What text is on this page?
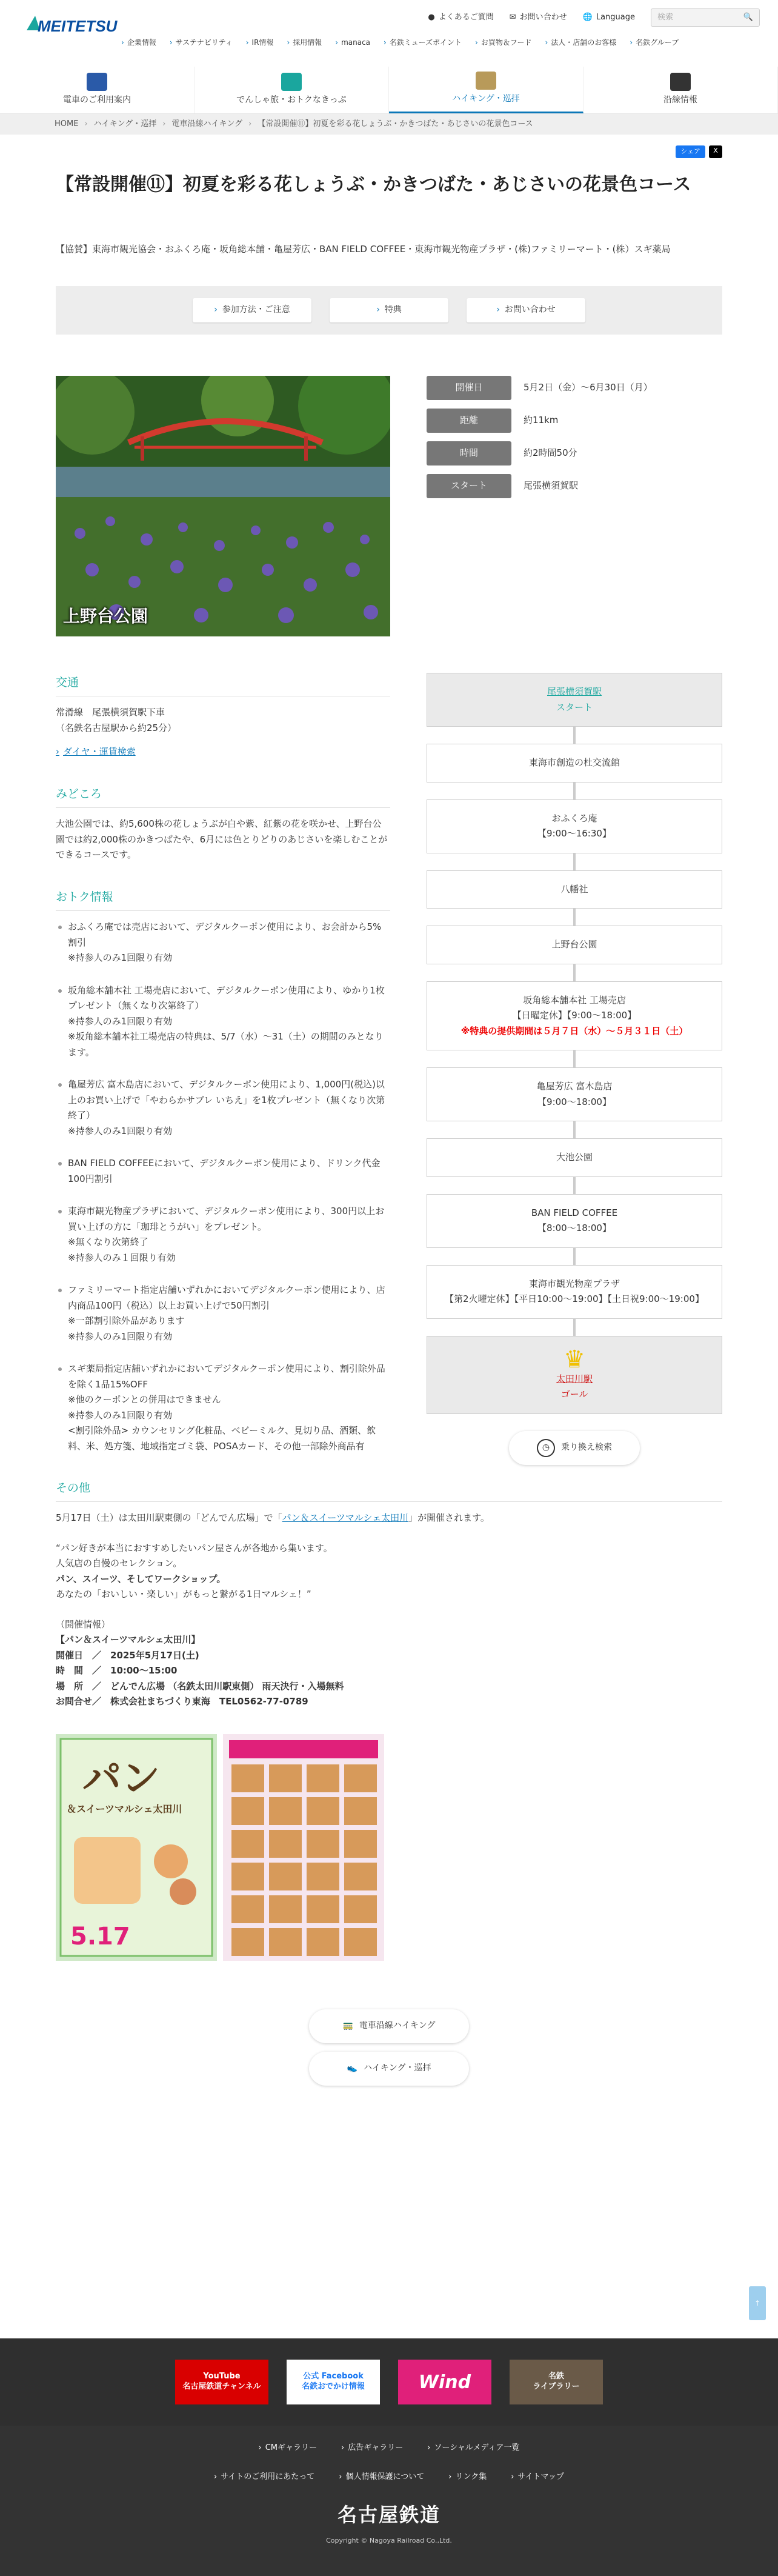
MEITETSU	● よくあるご質問 ✉ お問い合わせ 🌐 Language	検索	🔍
› 企業情報	› サステナビリティ	› IR情報	› 採用情報	› manaca	› 名鉄ミューズポイント	› お買物＆フード	› 法人・店舗のお客様	› 名鉄グループ
電車のご利用案内	でんしゃ旅・おトクなきっぷ	ハイキング・巡拝	沿線情報
HOME › ハイキング・巡拝 › 電車沿線ハイキング › 【常設開催⑪】初夏を彩る花しょうぶ・かきつばた・あじさいの花景色コース
シェア	X
【常設開催⑪】初夏を彩る花しょうぶ・かきつばた・あじさいの花景色コース

【協賛】東海市観光協会・おふくろ庵・坂角総本舗・亀屋芳広・BAN FIELD COFFEE・東海市観光物産プラザ・(株)ファミリーマート・(株）スギ薬局

› 参加方法・ご注意	› 特典	› お問い合わせ
上野台公園
開催日	5月2日（金）〜6月30日（月）
距離	約11km
時間	約2時間50分
スタート	尾張横須賀駅
交通

常滑線　尾張横須賀駅下車
（名鉄名古屋駅から約25分）

› ダイヤ・運賃検索
みどころ

大池公園では、約5,600株の花しょうぶが白や紫、紅紫の花を咲かせ、上野台公園では約2,000株のかきつばたや、6月には色とりどりのあじさいを楽しむことができるコースです。

おトク情報
おふくろ庵では売店において、デジタルクーポン使用により、お会計から5%割引
※持参人のみ1回限り有効
坂角総本舗本社 工場売店において、デジタルクーポン使用により、ゆかり1枚プレゼント（無くなり次第終了）
※持参人のみ1回限り有効
※坂角総本舗本社工場売店の特典は、5/7（水）〜31（土）の期間のみとなります。
亀屋芳広 富木島店において、デジタルクーポン使用により、1,000円(税込)以上のお買い上げで「やわらかサブレ いちえ」を1枚プレゼント（無くなり次第終了）
※持参人のみ1回限り有効
BAN FIELD COFFEEにおいて、デジタルクーポン使用により、ドリンク代金100円割引
東海市観光物産プラザにおいて、デジタルクーポン使用により、300円以上お買い上げの方に「珈琲とうがい」をプレゼント。
※無くなり次第終了
※持参人のみ１回限り有効
ファミリーマート指定店舗いずれかにおいてデジタルクーポン使用により、店内商品100円（税込）以上お買い上げで50円割引
※一部割引除外品があります
※持参人のみ1回限り有効
スギ薬局指定店舗いずれかにおいてデジタルクーポン使用により、割引除外品を除く1品15%OFF
※他のクーポンとの併用はできません
※持参人のみ1回限り有効
<割引除外品> カウンセリング化粧品、ベビーミルク、見切り品、酒類、飲料、米、処方箋、地域指定ゴミ袋、POSAカード、その他一部除外商品有
尾張横須賀駅
スタート
東海市創造の杜交流館
おふくろ庵
【9:00〜16:30】
八幡社
上野台公園
坂角総本舗本社 工場売店
【日曜定休】【9:00〜18:00】
※特典の提供期間は５月７日（水）〜５月３１日（土）
亀屋芳広 富木島店
【9:00〜18:00】
大池公園
BAN FIELD COFFEE
【8:00〜18:00】
東海市観光物産プラザ
【第2火曜定休】【平日10:00〜19:00】【土日祝9:00〜19:00】
♛
太田川駅
ゴール
◷	乗り換え検索
その他

5月17日（土）は太田川駅東側の「どんでん広場」で「パン＆スイーツマルシェ太田川」が開催されます。

“パン好きが本当におすすめしたいパン屋さんが各地から集います。
人気店の自慢のセレクション。
パン、スイーツ、そしてワークショップ。
あなたの「おいしい・楽しい」がもっと繋がる1日マルシェ！”

（開催情報）

【パン＆スイーツマルシェ太田川】
開催日　／　2025年5月17日(土)
時　間　／　10:00〜15:00
場　所　／　どんでん広場 （名鉄太田川駅東側） 雨天決行・入場無料
お問合せ／　株式会社まちづくり東海　TEL0562-77-0789

パン
＆スイーツマルシェ太田川
5.17
🚃 電車沿線ハイキング
👟 ハイキング・巡拝
↑
YouTube
名古屋鉄道チャンネル
公式 Facebook
名鉄おでかけ情報	Wind	名鉄
ライブラリー
› CMギャラリー	› 広告ギャラリー	› ソーシャルメディア一覧
› サイトのご利用にあたって	› 個人情報保護について	› リンク集	› サイトマップ
名古屋鉄道
Copyright © Nagoya Railroad Co.,Ltd.
